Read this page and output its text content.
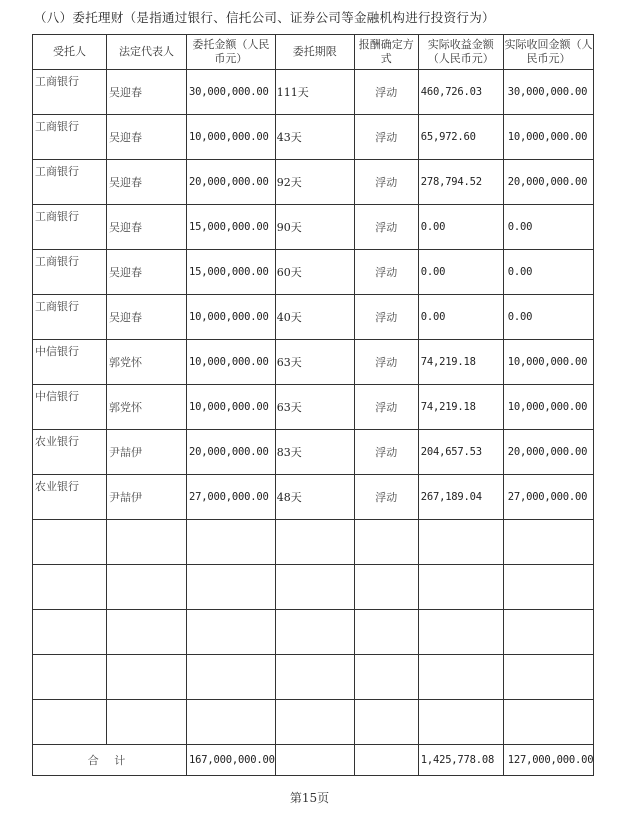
（八）委托理财（是指通过银行、信托公司、证券公司等金融机构进行投资行为）
受托人	法定代表人	委托金额（人民币元）	委托期限	报酬确定方式	实际收益金额（人民币元）	实际收回金额（人民币元）
工商银行	吴迎春	30,000,000.00	111天	浮动	460,726.03	30,000,000.00
工商银行	吴迎春	10,000,000.00	43天	浮动	65,972.60	10,000,000.00
工商银行	吴迎春	20,000,000.00	92天	浮动	278,794.52	20,000,000.00
工商银行	吴迎春	15,000,000.00	90天	浮动	0.00	0.00
工商银行	吴迎春	15,000,000.00	60天	浮动	0.00	0.00
工商银行	吴迎春	10,000,000.00	40天	浮动	0.00	0.00
中信银行	郭党怀	10,000,000.00	63天	浮动	74,219.18	10,000,000.00
中信银行	郭党怀	10,000,000.00	63天	浮动	74,219.18	10,000,000.00
农业银行	尹喆伊	20,000,000.00	83天	浮动	204,657.53	20,000,000.00
农业银行	尹喆伊	27,000,000.00	48天	浮动	267,189.04	27,000,000.00

合 计		167,000,000.00			1,425,778.08	127,000,000.00
第15页
